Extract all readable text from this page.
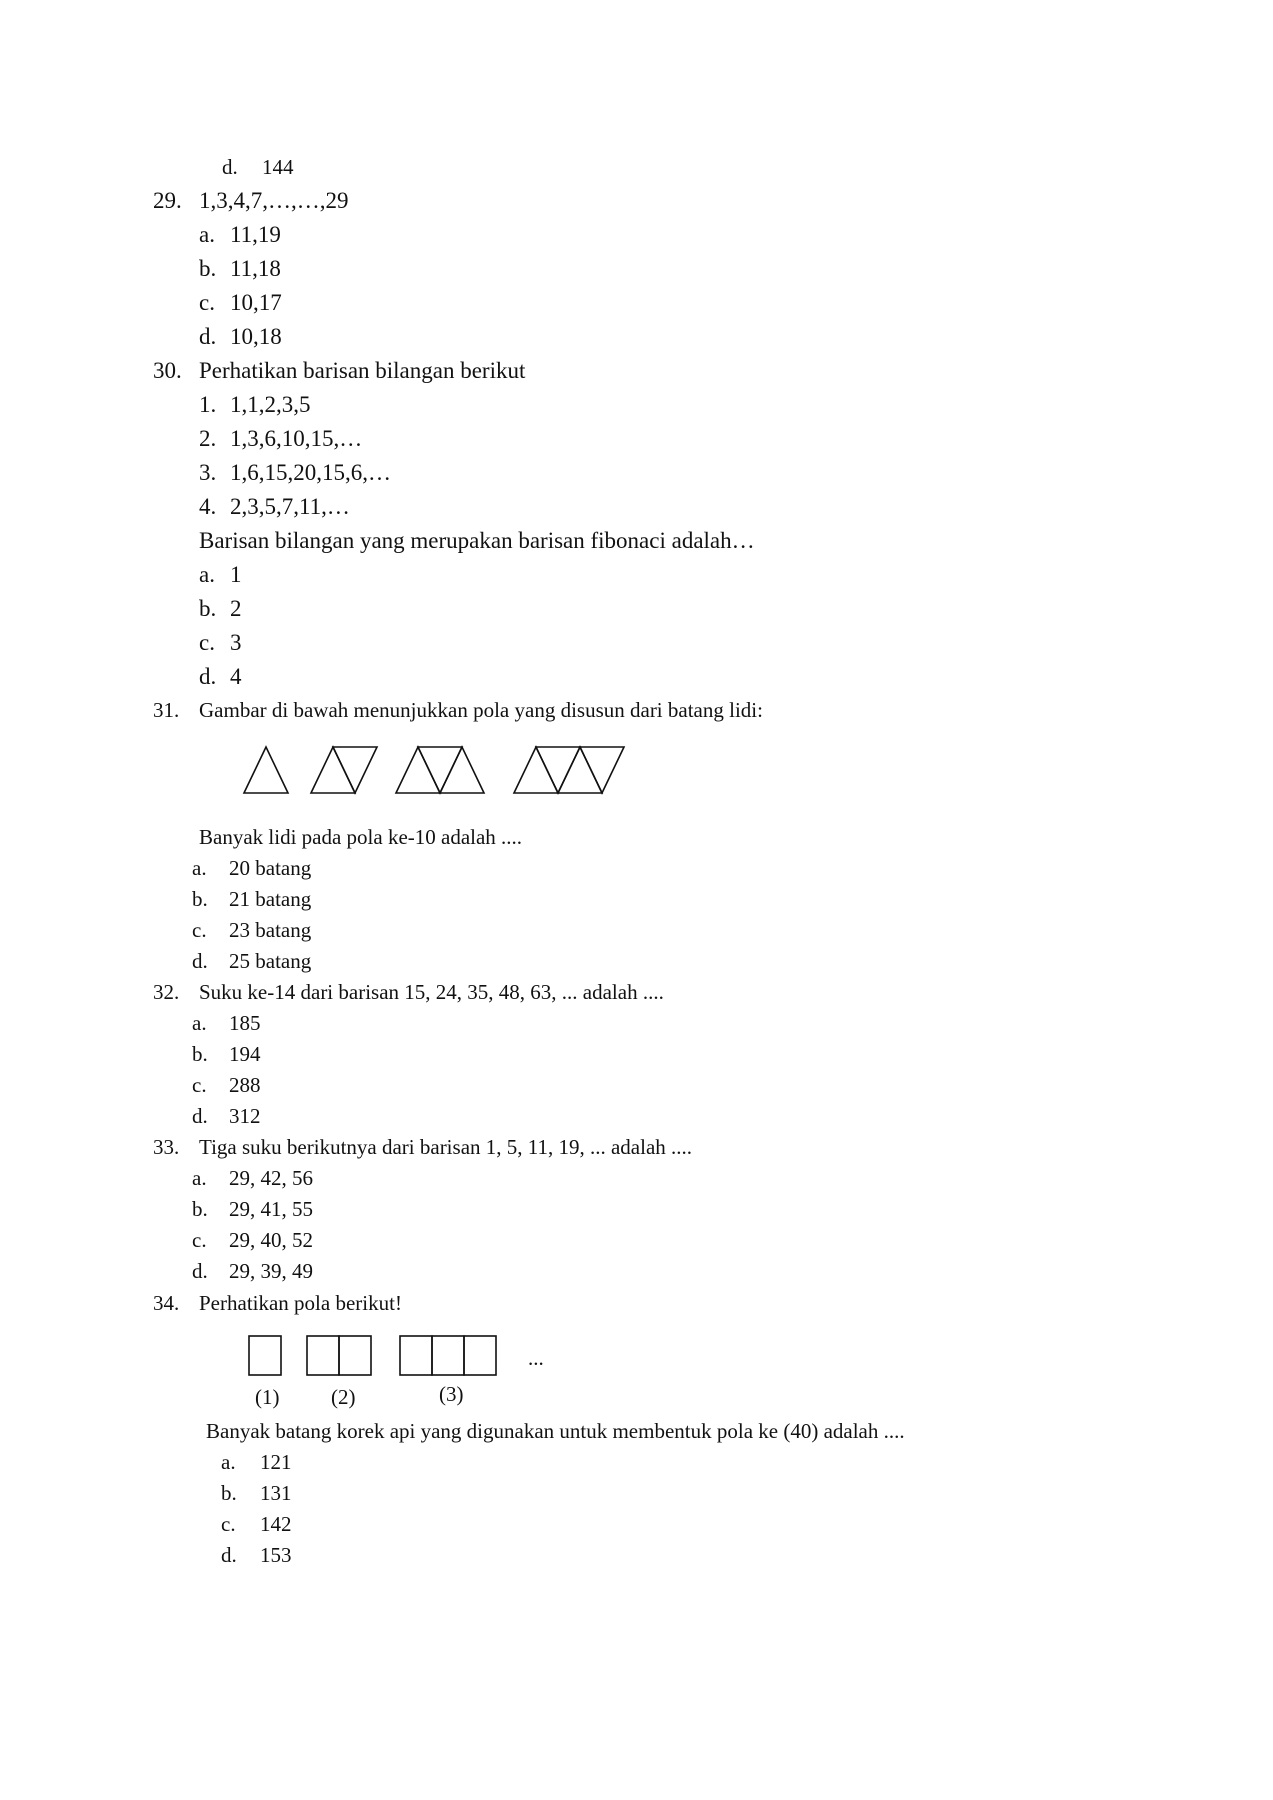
d. 144
29. 1,3,4,7,…,…,29
a. 11,19
b. 11,18
c. 10,17
d. 10,18
30. Perhatikan barisan bilangan berikut
1. 1,1,2,3,5
2. 1,3,6,10,15,…
3. 1,6,15,20,15,6,…
4. 2,3,5,7,11,…
Barisan bilangan yang merupakan barisan fibonaci adalah…
a. 1
b. 2
c. 3
d. 4
31. Gambar di bawah menunjukkan pola yang disusun dari batang lidi:
Banyak lidi pada pola ke-10 adalah ....
a. 20 batang
b. 21 batang
c. 23 batang
d. 25 batang
32. Suku ke-14 dari barisan 15, 24, 35, 48, 63, ... adalah ....
a. 185
b. 194
c. 288
d. 312
33. Tiga suku berikutnya dari barisan 1, 5, 11, 19, ... adalah ....
a. 29, 42, 56
b. 29, 41, 55
c. 29, 40, 52
d. 29, 39, 49
34. Perhatikan pola berikut!
...
(1) (2)	(3)
Banyak batang korek api yang digunakan untuk membentuk pola ke (40) adalah ....
a. 121
b. 131
c. 142
d. 153
